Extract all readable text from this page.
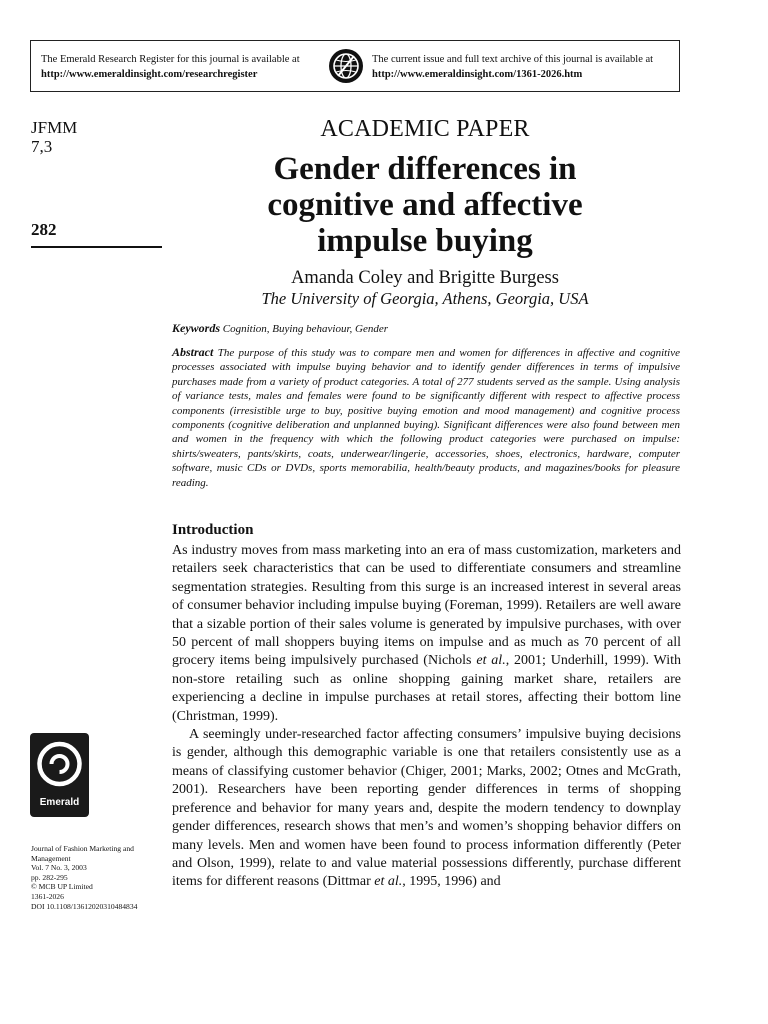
The Emerald Research Register for this journal is available at
http://www.emeraldinsight.com/researchregister
The current issue and full text archive of this journal is available at
http://www.emeraldinsight.com/1361-2026.htm
JFMM
7,3
282
ACADEMIC PAPER
Gender differences in
cognitive and affective
impulse buying
Amanda Coley and Brigitte Burgess
The University of Georgia, Athens, Georgia, USA
Keywords Cognition, Buying behaviour, Gender
Abstract The purpose of this study was to compare men and women for differences in affective and cognitive processes associated with impulse buying behavior and to identify gender differences in terms of impulsive purchases made from a variety of product categories. A total of 277 students served as the sample. Using analysis of variance tests, males and females were found to be significantly different with respect to affective process components (irresistible urge to buy, positive buying emotion and mood management) and cognitive process components (cognitive deliberation and unplanned buying). Significant differences were also found between men and women in the frequency with which the following product categories were purchased on impulse: shirts/sweaters, pants/skirts, coats, underwear/lingerie, accessories, shoes, electronics, hardware, computer software, music CDs or DVDs, sports memorabilia, health/beauty products, and magazines/books for pleasure reading.
Introduction

As industry moves from mass marketing into an era of mass customization, marketers and retailers seek characteristics that can be used to differentiate consumers and streamline segmentation strategies. Resulting from this surge is an increased interest in several areas of consumer behavior including impulse buying (Foreman, 1999). Retailers are well aware that a sizable portion of their sales volume is generated by impulsive purchases, with over 50 percent of mall shoppers buying items on impulse and as much as 70 percent of all grocery items being impulsively purchased (Nichols et al., 2001; Underhill, 1999). With non-store retailing such as online shopping gaining market share, retailers are experiencing a decline in impulse purchases at retail stores, affecting their bottom line (Christman, 1999).

A seemingly under-researched factor affecting consumers’ impulsive buying decisions is gender, although this demographic variable is one that retailers consistently use as a means of classifying customer behavior (Chiger, 2001; Marks, 2002; Otnes and McGrath, 2001). Researchers have been reporting gender differences in terms of shopping preference and behavior for many years and, despite the modern tendency to downplay gender differences, research shows that men’s and women’s shopping behavior differs on many levels. Men and women have been found to process information differently (Peter and Olson, 1999), relate to and value material possessions differently, purchase different items for different reasons (Dittmar et al., 1995, 1996) and

Emerald
Journal of Fashion Marketing and
Management
Vol. 7 No. 3, 2003
pp. 282-295
© MCB UP Limited
1361-2026
DOI 10.1108/13612020310484834
